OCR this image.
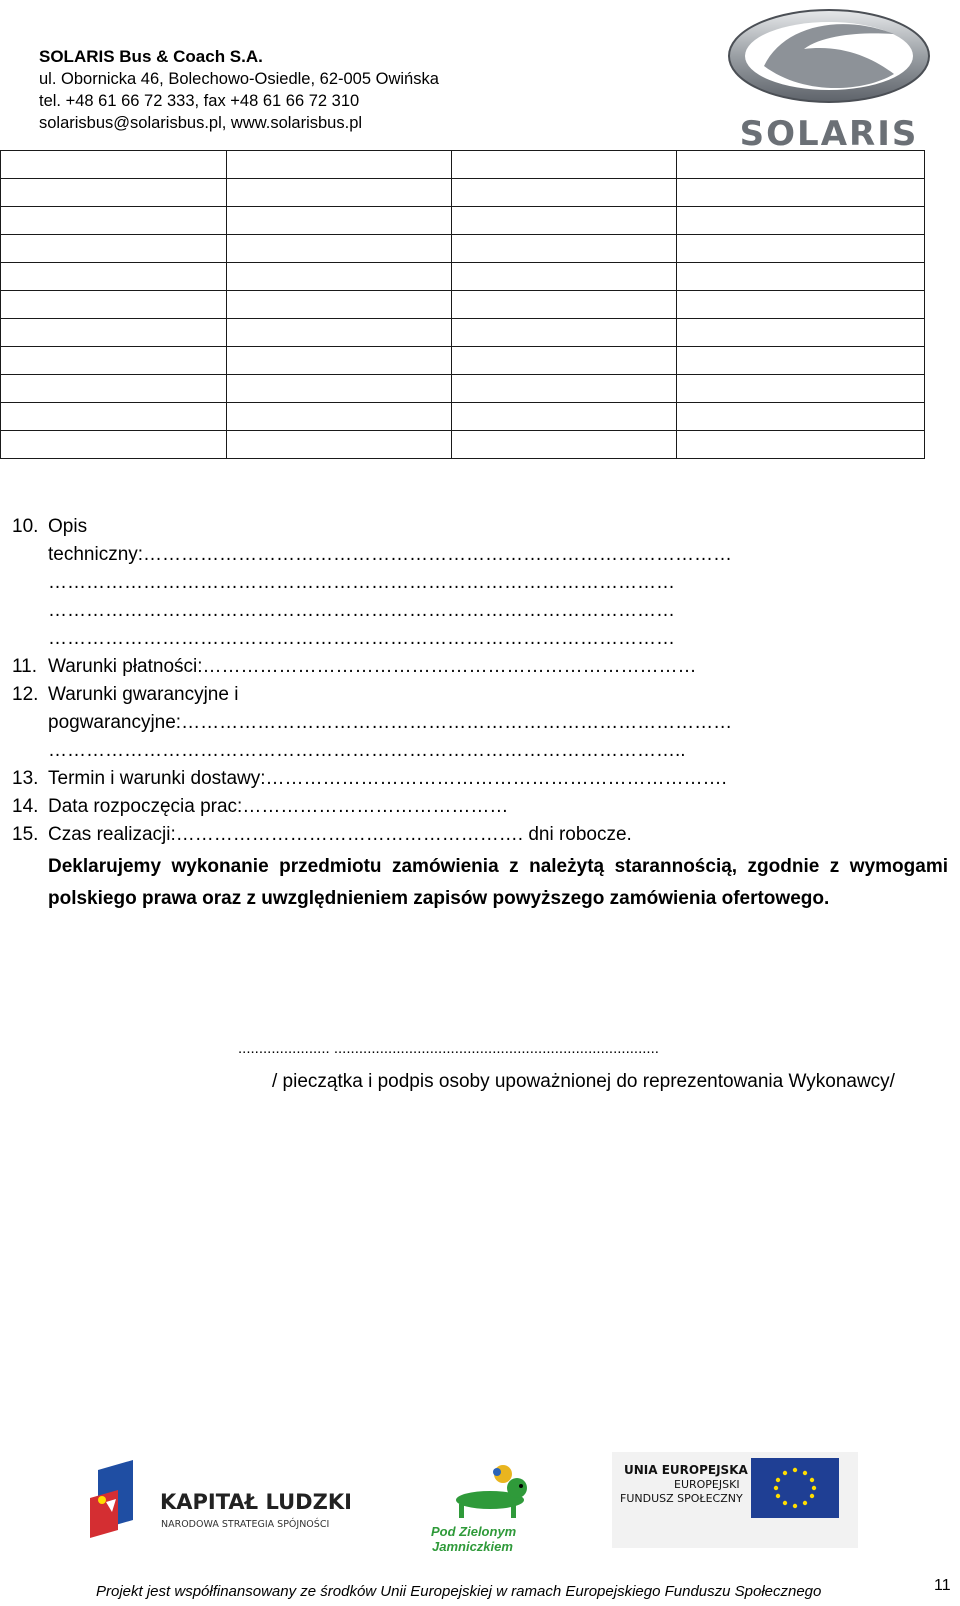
SOLARIS Bus & Coach S.A.
ul. Obornicka 46, Bolechowo-Osiedle, 62-005 Owińska
tel. +48 61 66 72 333, fax +48 61 66 72 310
solarisbus@solarisbus.pl, www.solarisbus.pl	SOLARIS

10. Opis
techniczny:…………………………………………………………………………………
………………………………………………………………………………………
………………………………………………………………………………………
………………………………………………………………………………………
11. Warunki płatności:……………………………………………………………………
12. Warunki gwarancyjne i
pogwarancyjne:……………………………………………………………………………
………………………………………………………………………………………..
13. Termin i warunki dostawy:……………………………………………………………….
14. Data rozpoczęcia prac:……………………………………
15. Czas realizacji:………………………………………………. dni robocze.
Deklarujemy wykonanie przedmiotu zamówienia z należytą starannością, zgodnie z wymogami polskiego prawa oraz z uwzględnieniem zapisów powyższego zamówienia ofertowego.
...................... ..............................................................................
/ pieczątka i podpis osoby upoważnionej do reprezentowania Wykonawcy/
KAPITAŁ LUDZKI
NARODOWA STRATEGIA SPÓJNOŚCI	Pod Zielonym
Jamniczkiem
UNIA EUROPEJSKA
EUROPEJSKI
FUNDUSZ SPOŁECZNY
Projekt jest współfinansowany ze środków Unii Europejskiej w ramach Europejskiego Funduszu Społecznego	11
